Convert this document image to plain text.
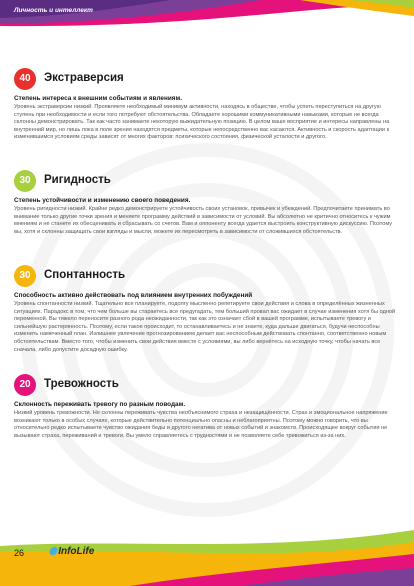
Личность и интеллект
40	Экстраверсия
Степень интереса к внешним событиям и явлениям.
Уровень экстраверсии низкий. Проявляете необходимый минимум активности, находясь в обществе, чтобы успеть переступиться на другую ступень при необходимости и если того потребуют обстоятельства. Обладаете хорошими коммуникативными навыками, которые не всегда склонны демонстрировать. Так как часто занимаете некоторую выжидательную позицию. В целом ваше восприятие и интересы направлены на внутренний мир, но лишь пока в поле зрения находятся предметы, которые непосредственно вас касаются. Активность и скорость адаптации к изменившимся условиям среды зависят от многих факторов: психического состояния, физической усталости и другого.
30	Ригидность
Степень устойчивости и изменению своего поведения.
Уровень ригидности низкий. Крайне редко демонстрируете устойчивость своих установок, привычек и убеждений. Предпочитаете принимать во внимание только другие точки зрения и меняете программу действий в зависимости от условий. Вы абсолютно не критично относитесь к чужим мнениям и не станете их обесценивать и сбрасывать со счетов. Вам и оппоненту всегда удается выстроить конструктивную дискуссию. Поэтому вы, хотя и склонны защищать свои взгляды и мысли, можете их пересмотреть в зависимости от сложившихся обстоятельств.
30	Спонтанность
Способность активно действовать под влиянием внутренних побуждений
Уровень спонтанности низкий. Тщательно все планируете, подолгу мысленно репетируете свои действия и слова в определённых жизненных ситуациях. Парадокс в том, что чем больше вы стараетесь все предугадать, тем больший провал вас ожидает в случае изменения хотя бы одной переменной. Вы тяжело переносите разного рода неожиданности, так как это означает сбой в вашей программе, испытываете тревогу и сильнейшую растерянность. Поэтому, если такое происходит, то останавливаетесь и не знаете, куда дальше двигаться, будучи неспособны изменить намеченный план. Излишнее увлечение прогнозированием делает вас неспособным действовать спонтанно, соответственно новым обстоятельствам. Вместо того, чтобы изменить свои действия вместе с условиями, вы либо вернётесь на исходную точку, чтобы начать все сначала, либо допустите досадную ошибку.
20	Тревожность
Склонность переживать тревогу по разным поводам.
Низкий уровень тревожности. Не склонны переживать чувства необъяснимого страха и незащищённости. Страх и эмоциональное напряжение возникают только в особых случаях, которые действительно потенциально опасны и неблагоприятны. Поэтому можно говорить, что вы относительно редко испытываете чувство ожидания беды и другого негатива от новых событий и знакомств. Происходящее вокруг события не вызывают страха, переживаний и тревоги. Вы умело справляетесь с трудностями и не позволяете себе тревожиться из-за них.
26 ✺ InfoLife
